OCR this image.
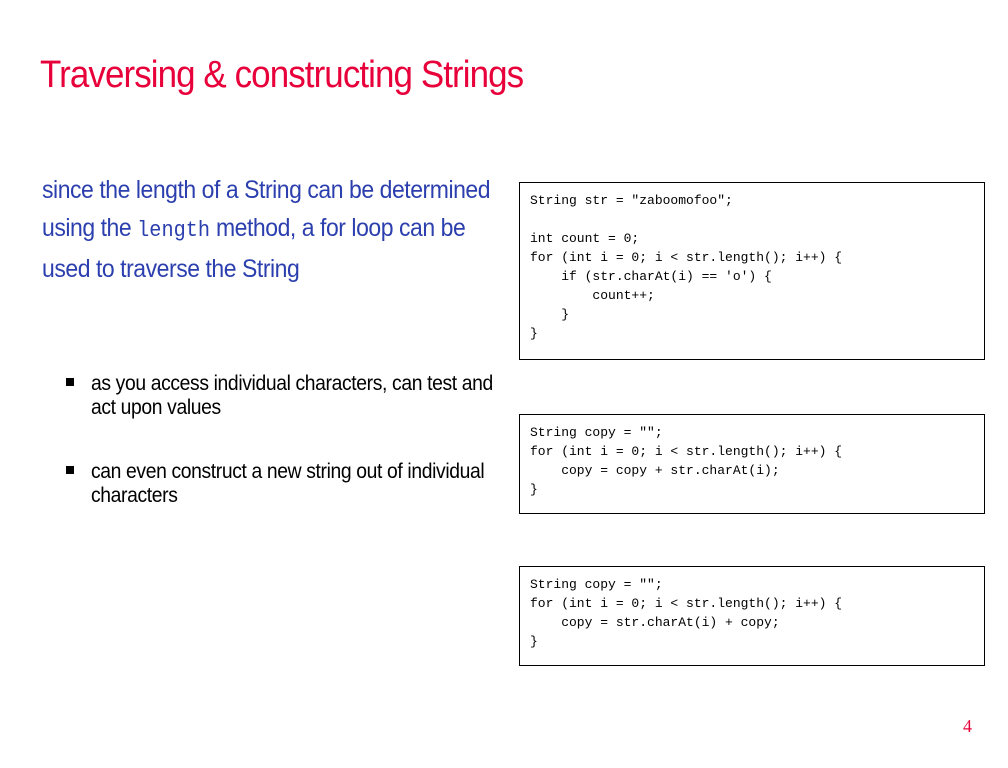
Traversing & constructing Strings

since the length of a String can be determined using the length method, a for loop can be used to traverse the String

as you access individual characters, can test and act upon values
can even construct a new string out of individual characters
String str = "zaboomofoo";

int count = 0;
for (int i = 0; i < str.length(); i++) {
if (str.charAt(i) == 'o') {
count++;
}
}
String copy = "";
for (int i = 0; i < str.length(); i++) {
copy = copy + str.charAt(i);
}
String copy = "";
for (int i = 0; i < str.length(); i++) {
copy = str.charAt(i) + copy;
}
4
